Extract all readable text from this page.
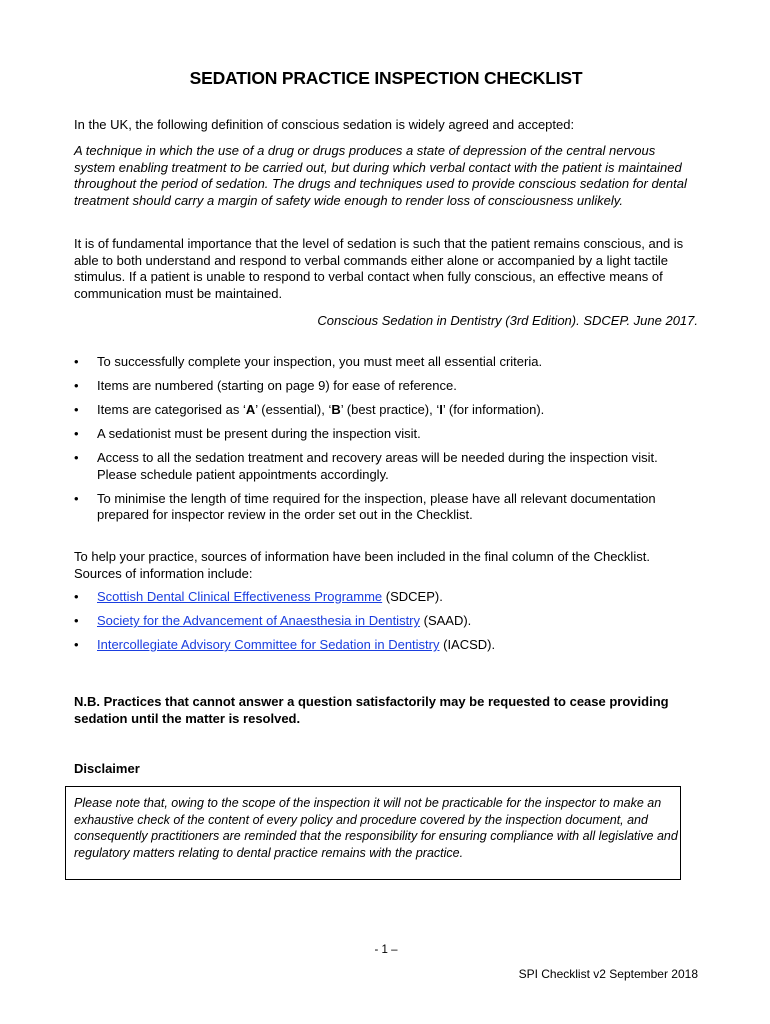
SEDATION PRACTICE INSPECTION CHECKLIST

In the UK, the following definition of conscious sedation is widely agreed and accepted:

A technique in which the use of a drug or drugs produces a state of depression of the central nervous system enabling treatment to be carried out, but during which verbal contact with the patient is maintained throughout the period of sedation. The drugs and techniques used to provide conscious sedation for dental treatment should carry a margin of safety wide enough to render loss of consciousness unlikely.

It is of fundamental importance that the level of sedation is such that the patient remains conscious, and is able to both understand and respond to verbal commands either alone or accompanied by a light tactile stimulus. If a patient is unable to respond to verbal contact when fully conscious, an effective means of communication must be maintained.

Conscious Sedation in Dentistry (3rd Edition). SDCEP. June 2017.

• To successfully complete your inspection, you must meet all essential criteria.
• Items are numbered (starting on page 9) for ease of reference.
• Items are categorised as ‘A’ (essential), ‘B’ (best practice), ‘I’ (for information).
• A sedationist must be present during the inspection visit.
• Access to all the sedation treatment and recovery areas will be needed during the inspection visit. Please schedule patient appointments accordingly.
• To minimise the length of time required for the inspection, please have all relevant documentation prepared for inspector review in the order set out in the Checklist.

To help your practice, sources of information have been included in the final column of the Checklist. Sources of information include:

• Scottish Dental Clinical Effectiveness Programme (SDCEP).
• Society for the Advancement of Anaesthesia in Dentistry (SAAD).
• Intercollegiate Advisory Committee for Sedation in Dentistry (IACSD).

N.B. Practices that cannot answer a question satisfactorily may be requested to cease providing sedation until the matter is resolved.

Disclaimer

Please note that, owing to the scope of the inspection it will not be practicable for the inspector to make an exhaustive check of the content of every policy and procedure covered by the inspection document, and consequently practitioners are reminded that the responsibility for ensuring compliance with all legislative and regulatory matters relating to dental practice remains with the practice.
- 1 –
SPI Checklist v2 September 2018
